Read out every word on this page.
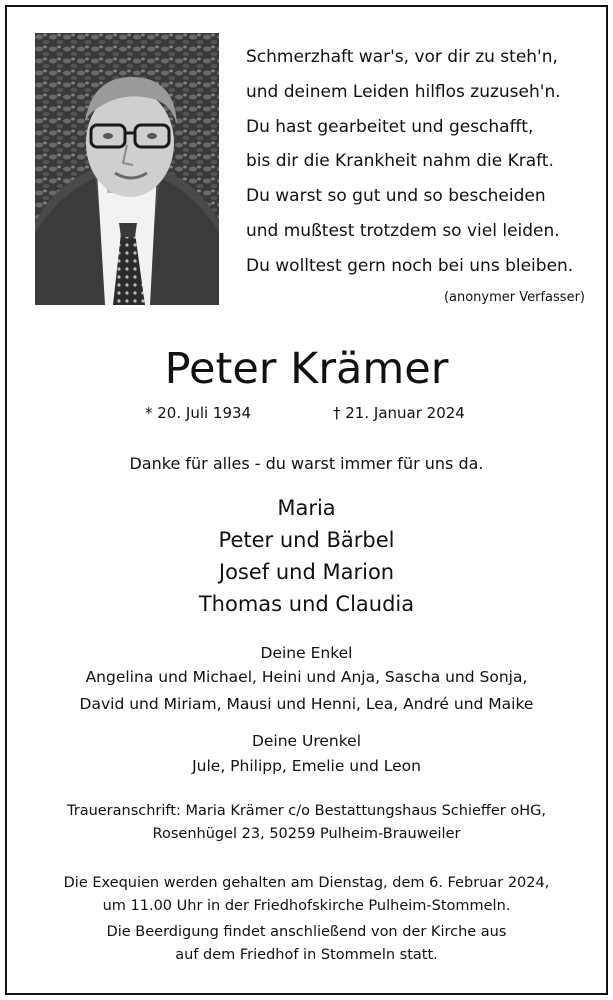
Schmerzhaft war's, vor dir zu steh'n,
und deinem Leiden hilflos zuzuseh'n.
Du hast gearbeitet und geschafft,
bis dir die Krankheit nahm die Kraft.
Du warst so gut und so bescheiden
und mußtest trotzdem so viel leiden.
Du wolltest gern noch bei uns bleiben.
(anonymer Verfasser)
Peter Krämer
* 20. Juli 1934	† 21. Januar 2024
Danke für alles - du warst immer für uns da.
Maria
Peter und Bärbel
Josef und Marion
Thomas und Claudia
Deine Enkel
Angelina und Michael, Heini und Anja, Sascha und Sonja,
David und Miriam, Mausi und Henni, Lea, André und Maike
Deine Urenkel
Jule, Philipp, Emelie und Leon
Traueranschrift: Maria Krämer c/o Bestattungshaus Schieffer oHG,
Rosenhügel 23, 50259 Pulheim-Brauweiler
Die Exequien werden gehalten am Dienstag, dem 6. Februar 2024,
um 11.00 Uhr in der Friedhofskirche Pulheim-Stommeln.
Die Beerdigung findet anschließend von der Kirche aus
auf dem Friedhof in Stommeln statt.
